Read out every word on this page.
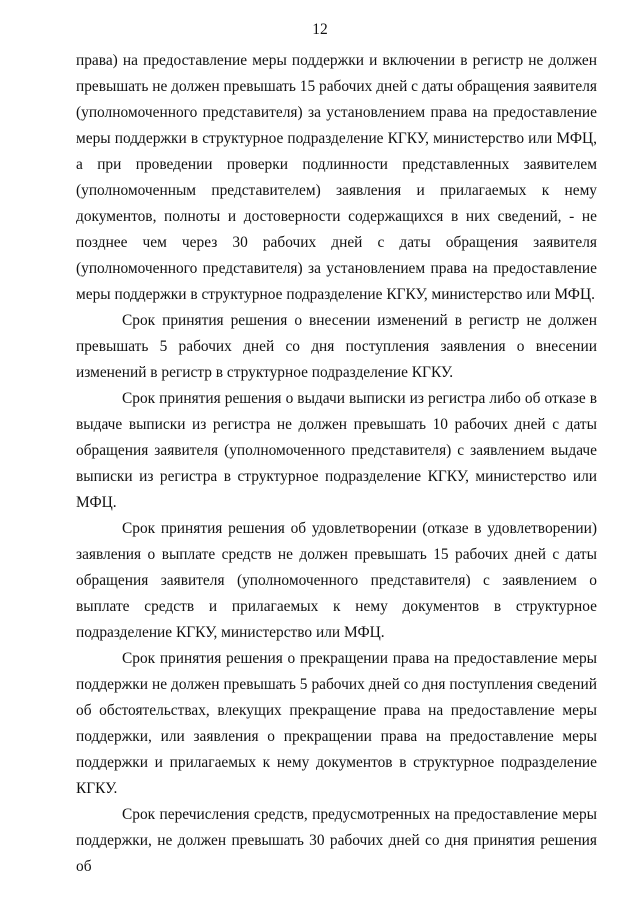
12

права) на предоставление меры поддержки и включении в регистр не должен превышать не должен превышать 15 рабочих дней с даты обращения заявителя (уполномоченного представителя) за установлением права на предоставление меры поддержки в структурное подразделение КГКУ, министерство или МФЦ, а при проведении проверки подлинности представленных заявителем (уполномоченным представителем) заявления и прилагаемых к нему документов, полноты и достоверности содержащихся в них сведений, - не позднее чем через 30 рабочих дней с даты обращения заявителя (уполномоченного представителя) за установлением права на предоставление меры поддержки в структурное подразделение КГКУ, министерство или МФЦ.

Срок принятия решения о внесении изменений в регистр не должен превышать 5 рабочих дней со дня поступления заявления о внесении изменений в регистр в структурное подразделение КГКУ.

Срок принятия решения о выдачи выписки из регистра либо об отказе в выдаче выписки из регистра не должен превышать 10 рабочих дней с даты обращения заявителя (уполномоченного представителя) с заявлением выдаче выписки из регистра в структурное подразделение КГКУ, министерство или МФЦ.

Срок принятия решения об удовлетворении (отказе в удовлетворении) заявления о выплате средств не должен превышать 15 рабочих дней с даты обращения заявителя (уполномоченного представителя) с заявлением о выплате средств и прилагаемых к нему документов в структурное подразделение КГКУ, министерство или МФЦ.

Срок принятия решения о прекращении права на предоставление меры поддержки не должен превышать 5 рабочих дней со дня поступления сведений об обстоятельствах, влекущих прекращение права на предоставление меры поддержки, или заявления о прекращении права на предоставление меры поддержки и прилагаемых к нему документов в структурное подразделение КГКУ.

Срок перечисления средств, предусмотренных на предоставление меры поддержки, не должен превышать 30 рабочих дней со дня принятия решения об
